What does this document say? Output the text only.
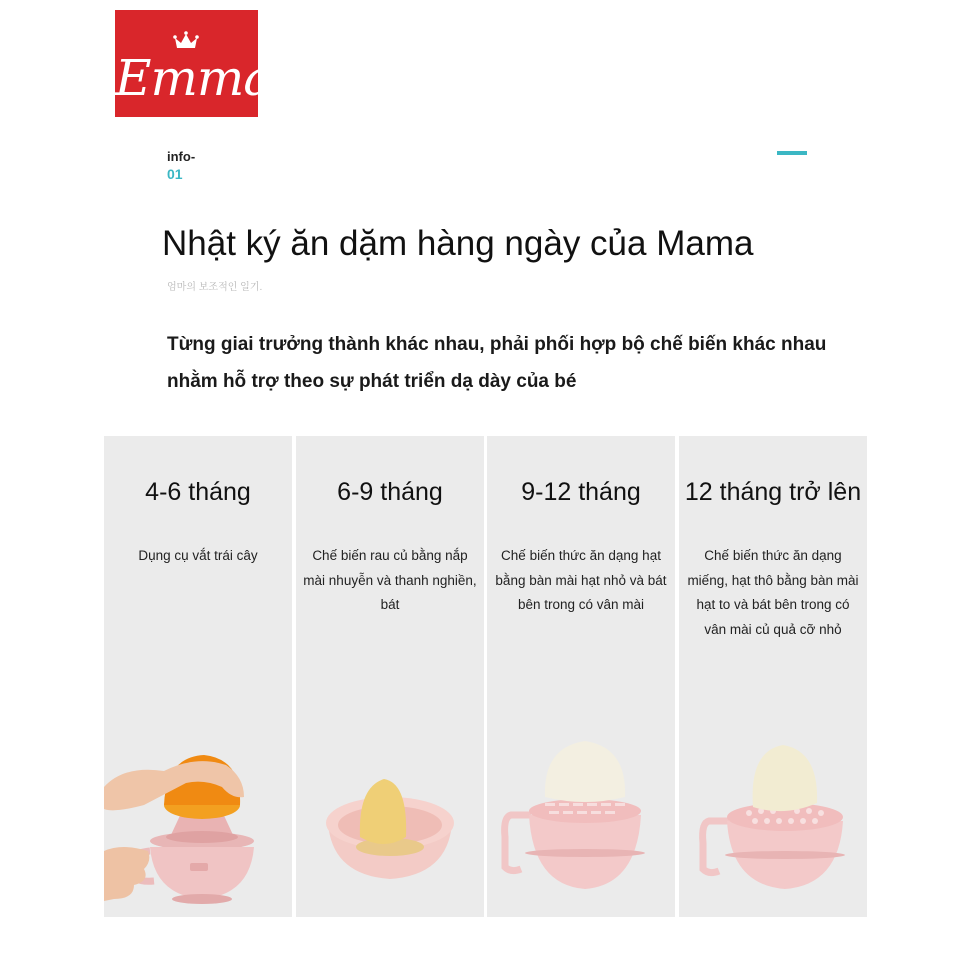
Emma
info-
01
Nhật ký ăn dặm hàng ngày của Mama
엄마의 보조적인 일기.
Từng giai trưởng thành khác nhau, phải phối hợp bộ chế biến khác nhau nhằm hỗ trợ theo sự phát triển dạ dày của bé
4-6 tháng
Dụng cụ vắt trái cây
6-9 tháng
Chế biến rau củ bằng nắp mài nhuyễn và thanh nghiền, bát
9-12 tháng
Chế biến thức ăn dạng hạt bằng bàn mài hạt nhỏ và bát bên trong có vân mài
12 tháng trở lên
Chế biến thức ăn dạng miếng, hạt thô bằng bàn mài hạt to và bát bên trong có vân mài củ quả cỡ nhỏ
